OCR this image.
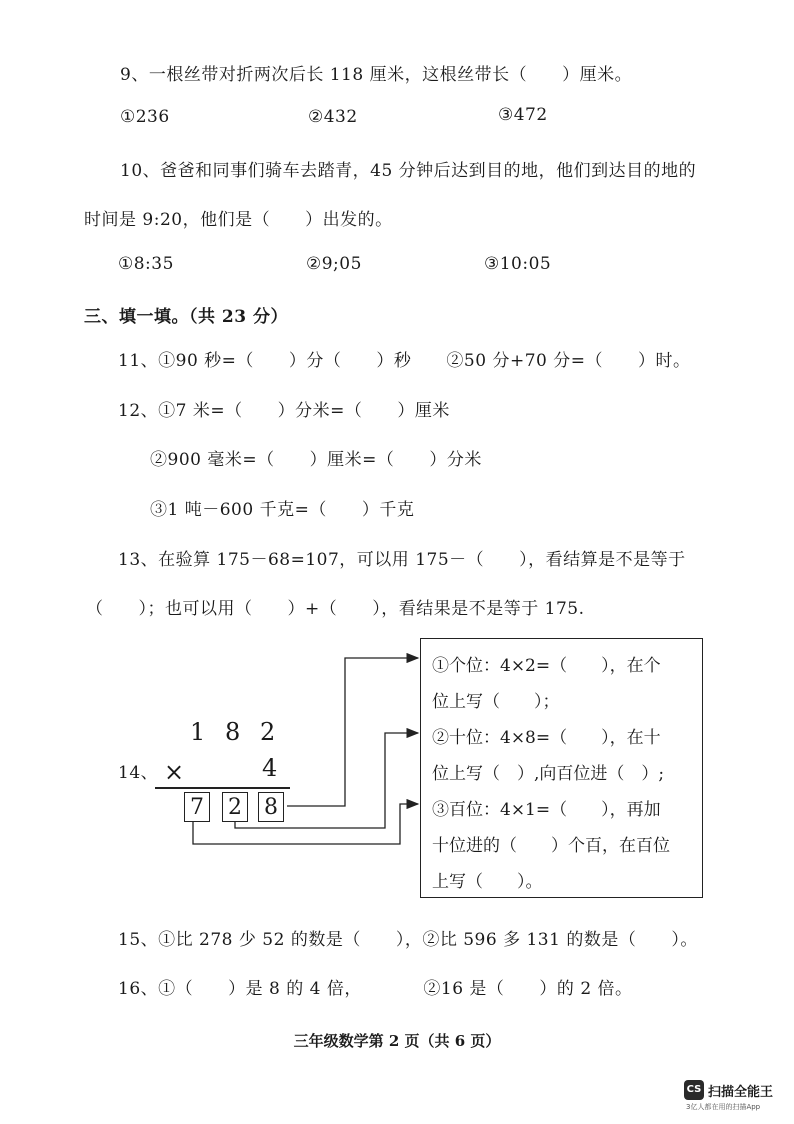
9、一根丝带对折两次后长 118 厘米，这根丝带长（　　）厘米。
①236	②432	③472
10、爸爸和同事们骑车去踏青，45 分钟后达到目的地，他们到达目的地的
时间是 9:20，他们是（　　）出发的。
①8:35	②9;05	③10:05
三、填一填。（共 23 分）
11、①90 秒=（　　）分（　　）秒　　②50 分+70 分=（　　）时。
12、①7 米=（　　）分米=（　　）厘米
②900 毫米=（　　）厘米=（　　）分米
③1 吨－600 千克=（　　）千克
13、在验算 175－68=107，可以用 175－（　　），看结算是不是等于
（　　）；也可以用（　　）+（　　），看结果是不是等于 175.
14、
1 8 2
×	4
7 2 8
①个位：4×2=（　　），在个
位上写（　　）；
②十位：4×8=（　　），在十
位上写（　）,向百位进（　）;
③百位：4×1=（　　），再加
十位进的（　　）个百，在百位
上写（　　）。
15、①比 278 少 52 的数是（　　），②比 596 多 131 的数是（　　）。
16、①（　　）是 8 的 4 倍，　　　　②16 是（　　）的 2 倍。
三年级数学第 2 页（共 6 页）
CS 扫描全能王
3亿人都在用的扫描App
